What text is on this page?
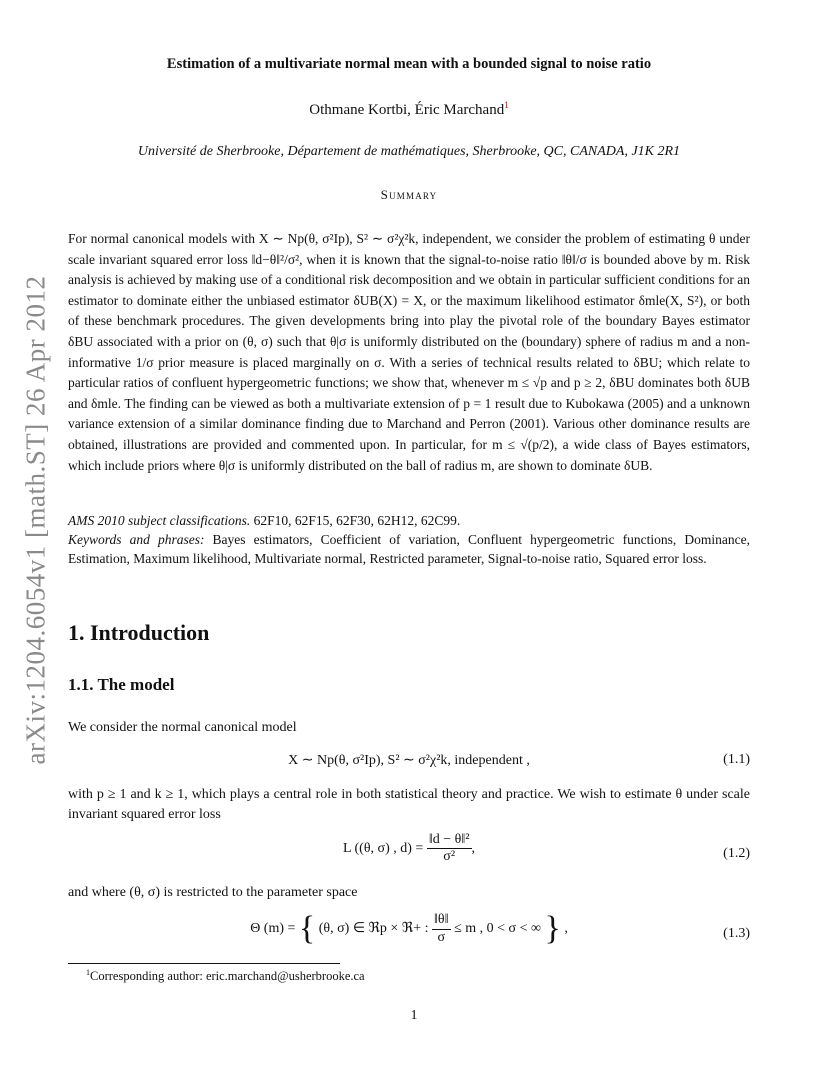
arXiv:1204.6054v1 [math.ST] 26 Apr 2012
Estimation of a multivariate normal mean with a bounded signal to noise ratio
Othmane Kortbi, Éric Marchand$^1$
Université de Sherbrooke, Département de mathématiques, Sherbrooke, QC, CANADA, J1K 2R1
Summary
For normal canonical models with X ∼ Np(θ, σ²Ip), S² ∼ σ²χ²k, independent, we consider the problem of estimating θ under scale invariant squared error loss ‖d−θ‖²/σ², when it is known that the signal-to-noise ratio ‖θ‖/σ is bounded above by m. Risk analysis is achieved by making use of a conditional risk decomposition and we obtain in particular sufficient conditions for an estimator to dominate either the unbiased estimator δUB(X) = X, or the maximum likelihood estimator δmle(X, S²), or both of these benchmark procedures. The given developments bring into play the pivotal role of the boundary Bayes estimator δBU associated with a prior on (θ, σ) such that θ|σ is uniformly distributed on the (boundary) sphere of radius m and a non-informative 1/σ prior measure is placed marginally on σ. With a series of technical results related to δBU; which relate to particular ratios of confluent hypergeometric functions; we show that, whenever m ≤ √p and p ≥ 2, δBU dominates both δUB and δmle. The finding can be viewed as both a multivariate extension of p = 1 result due to Kubokawa (2005) and a unknown variance extension of a similar dominance finding due to Marchand and Perron (2001). Various other dominance results are obtained, illustrations are provided and commented upon. In particular, for m ≤ √(p/2), a wide class of Bayes estimators, which include priors where θ|σ is uniformly distributed on the ball of radius m, are shown to dominate δUB.
AMS 2010 subject classifications. 62F10, 62F15, 62F30, 62H12, 62C99.
Keywords and phrases: Bayes estimators, Coefficient of variation, Confluent hypergeometric functions, Dominance, Estimation, Maximum likelihood, Multivariate normal, Restricted parameter, Signal-to-noise ratio, Squared error loss.
1. Introduction
1.1. The model
We consider the normal canonical model
X ∼ Np(θ, σ²Ip), S² ∼ σ²χ²k, independent ,	(1.1)
with p ≥ 1 and k ≥ 1, which plays a central role in both statistical theory and practice. We wish to estimate θ under scale invariant squared error loss
L ((θ, σ) , $d) = \frac{\text{‖d − θ‖²}}{\text{σ²}}$ ,	(1.2)
and where (θ, σ) is restricted to the parameter space
Θ (m) = { (θ, σ) ∈ ℜp × ℜ+ : $\frac{‖\theta‖}{\sigma} \le m$ , 0 < σ < ∞ } ,	(1.3)
$^1$Corresponding author: eric.marchand@usherbrooke.ca
1
